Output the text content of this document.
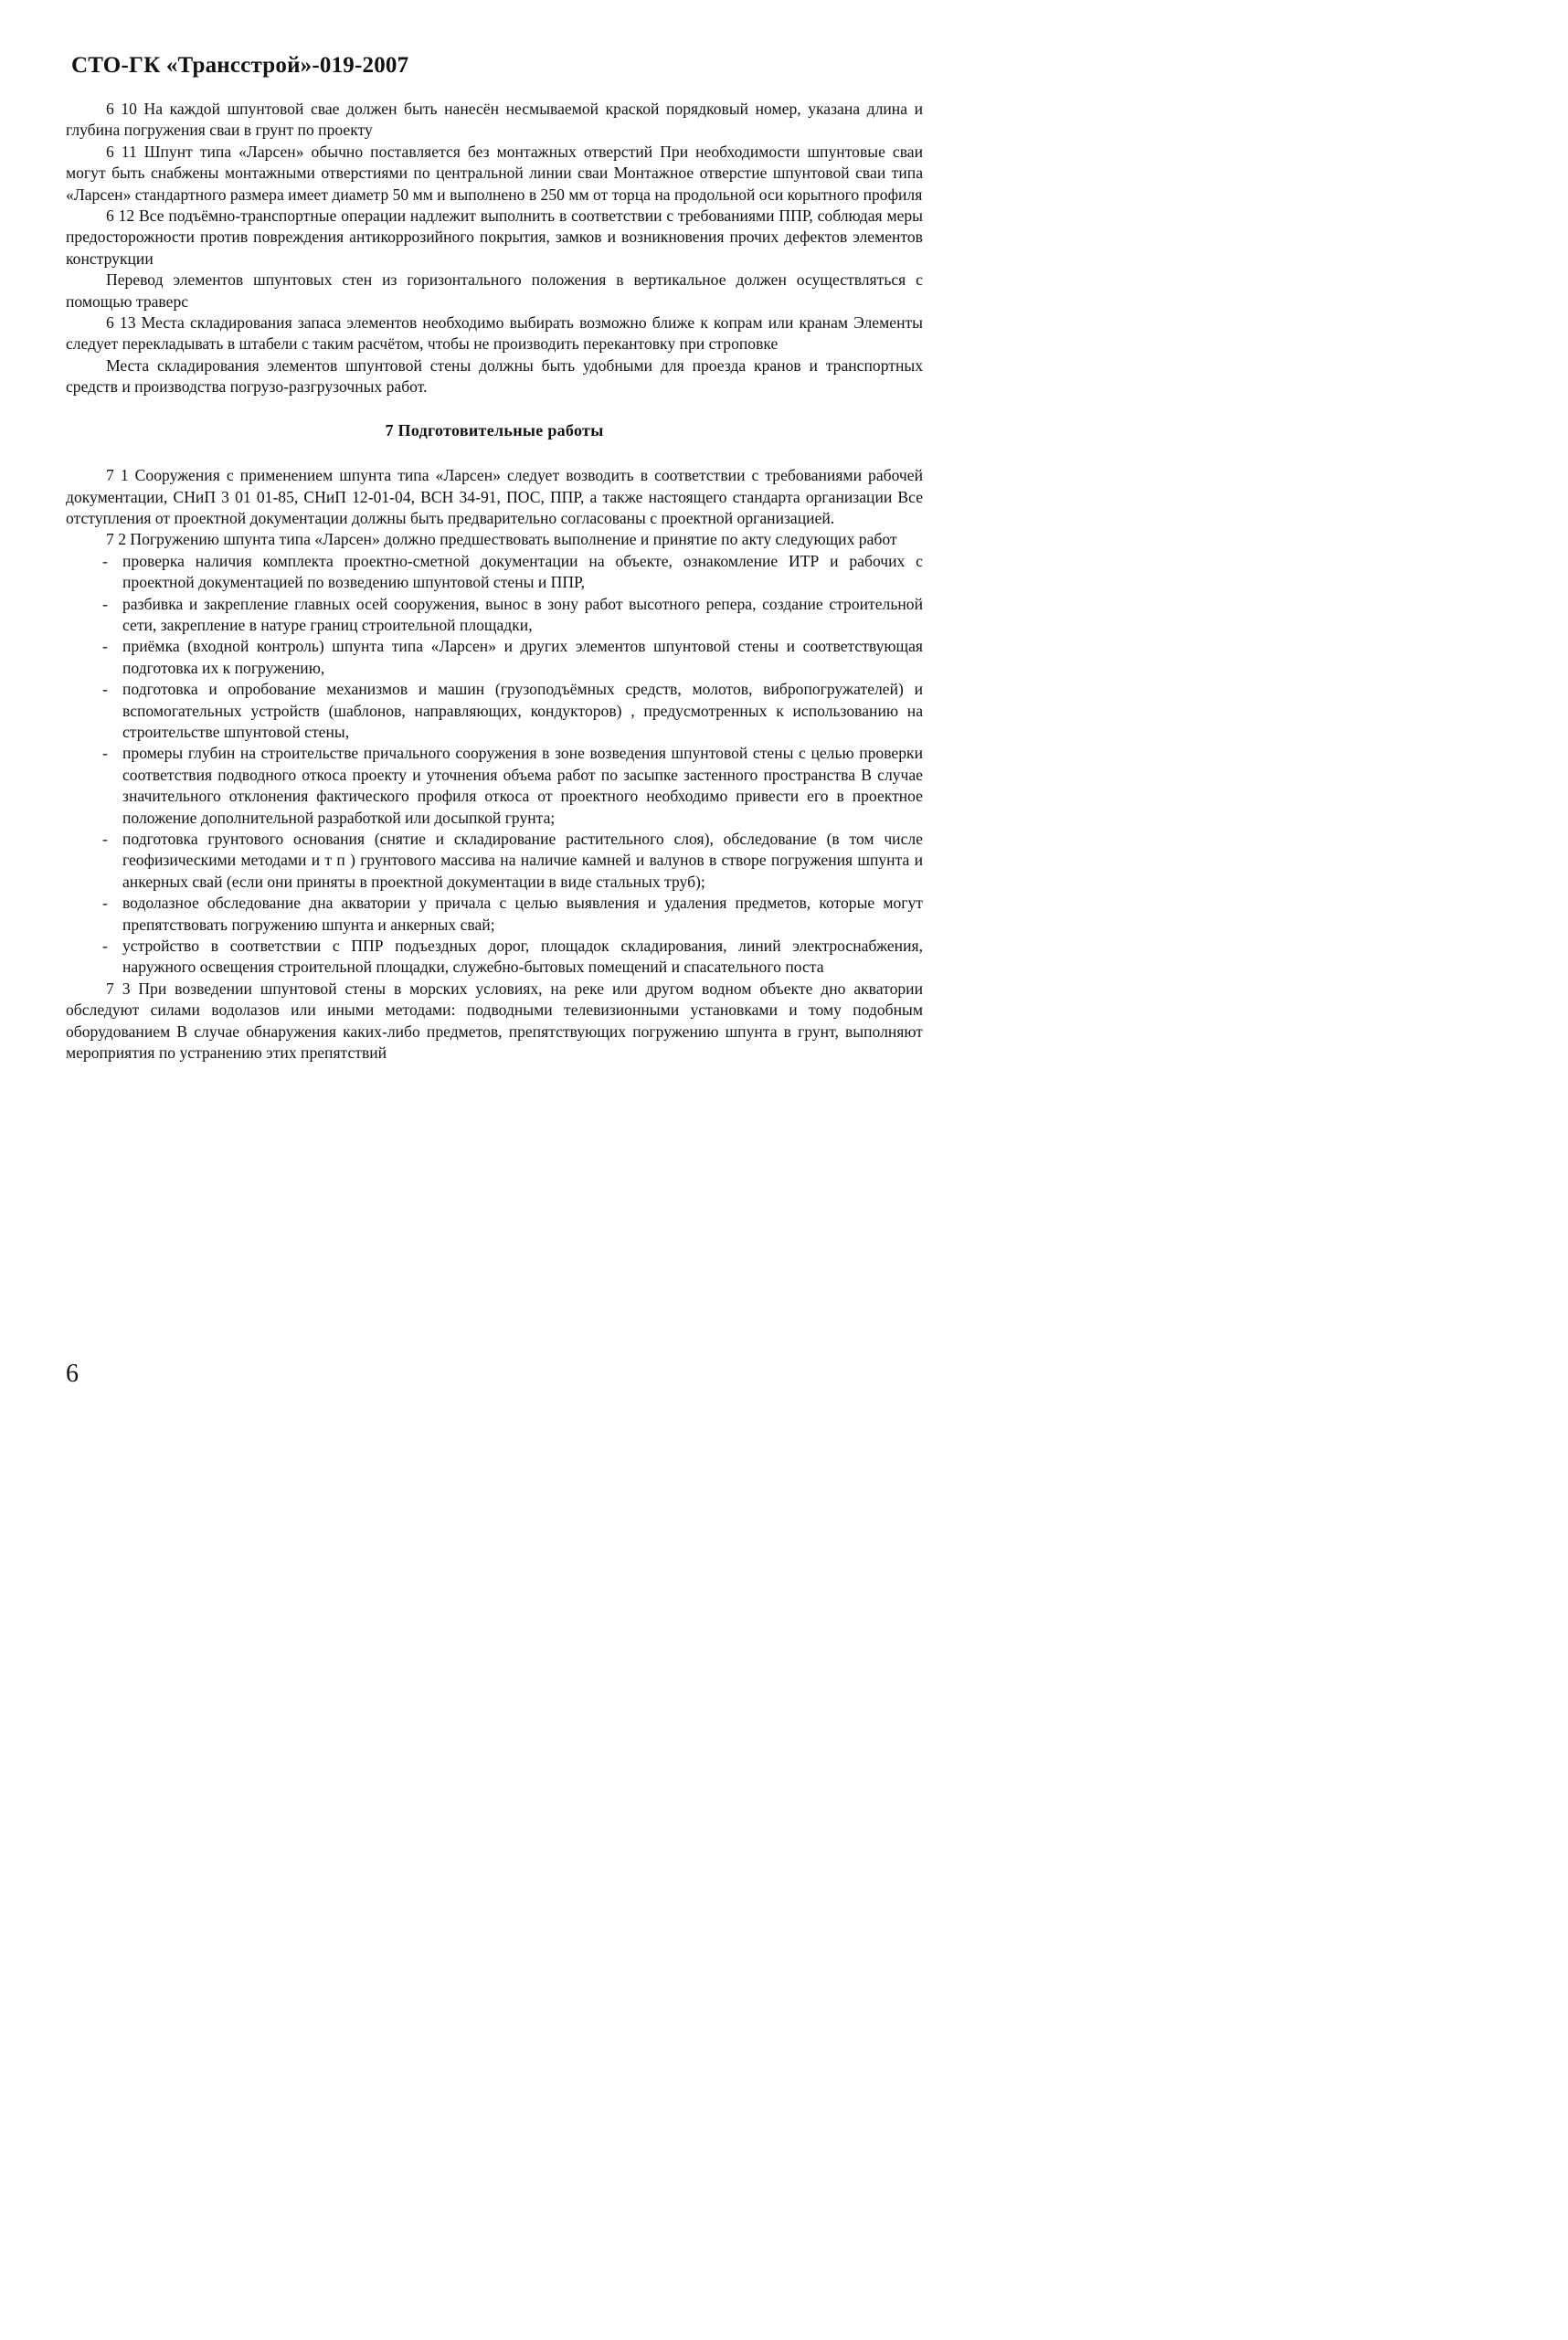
СТО-ГК «Трансстрой»-019-2007

6 10 На каждой шпунтовой свае должен быть нанесён несмываемой краской порядковый номер, указана длина и глубина погружения сваи в грунт по проекту

6 11 Шпунт типа «Ларсен» обычно поставляется без монтажных отверстий При необходимости шпунтовые сваи могут быть снабжены монтажными отверстиями по центральной линии сваи Монтажное отверстие шпунтовой сваи типа «Ларсен» стандартного размера имеет диаметр 50 мм и выполнено в 250 мм от торца на продольной оси корытного профиля

6 12 Все подъёмно-транспортные операции надлежит выполнить в соответствии с требованиями ППР, соблюдая меры предосторожности против повреждения антикоррозийного покрытия, замков и возникновения прочих дефектов элементов конструкции

Перевод элементов шпунтовых стен из горизонтального положения в вертикальное должен осуществляться с помощью траверс

6 13 Места складирования запаса элементов необходимо выбирать возможно ближе к копрам или кранам Элементы следует перекладывать в штабели с таким расчётом, чтобы не производить перекантовку при строповке

Места складирования элементов шпунтовой стены должны быть удобными для проезда кранов и транспортных средств и производства погрузо-разгрузочных работ.

7 Подготовительные работы

7 1 Сооружения с применением шпунта типа «Ларсен» следует возводить в соответствии с требованиями рабочей документации, СНиП 3 01 01-85, СНиП 12-01-04, ВСН 34-91, ПОС, ППР, а также настоящего стандарта организации Все отступления от проектной документации должны быть предварительно согласованы с проектной организацией.

7 2 Погружению шпунта типа «Ларсен» должно предшествовать выполнение и принятие по акту следующих работ

- проверка наличия комплекта проектно-сметной документации на объекте, ознакомление ИТР и рабочих с проектной документацией по возведению шпунтовой стены и ППР,
- разбивка и закрепление главных осей сооружения, вынос в зону работ высотного репера, создание строительной сети, закрепление в натуре границ строительной площадки,
- приёмка (входной контроль) шпунта типа «Ларсен» и других элементов шпунтовой стены и соответствующая подготовка их к погружению,
- подготовка и опробование механизмов и машин (грузоподъёмных средств, молотов, вибропогружателей) и вспомогательных устройств (шаблонов, направляющих, кондукторов) , предусмотренных к использованию на строительстве шпунтовой стены,
- промеры глубин на строительстве причального сооружения в зоне возведения шпунтовой стены с целью проверки соответствия подводного откоса проекту и уточнения объема работ по засыпке застенного пространства В случае значительного отклонения фактического профиля откоса от проектного необходимо привести его в проектное положение дополнительной разработкой или досыпкой грунта;
- подготовка грунтового основания (снятие и складирование растительного слоя), обследование (в том числе геофизическими методами и т п ) грунтового массива на наличие камней и валунов в створе погружения шпунта и анкерных свай (если они приняты в проектной документации в виде стальных труб);
- водолазное обследование дна акватории у причала с целью выявления и удаления предметов, которые могут препятствовать погружению шпунта и анкерных свай;
- устройство в соответствии с ППР подъездных дорог, площадок складирования, линий электроснабжения, наружного освещения строительной площадки, служебно-бытовых помещений и спасательного поста

7 3 При возведении шпунтовой стены в морских условиях, на реке или другом водном объекте дно акватории обследуют силами водолазов или иными методами: подводными телевизионными установками и тому подобным оборудованием В случае обнаружения каких-либо предметов, препятствующих погружению шпунта в грунт, выполняют мероприятия по устранению этих препятствий

6
